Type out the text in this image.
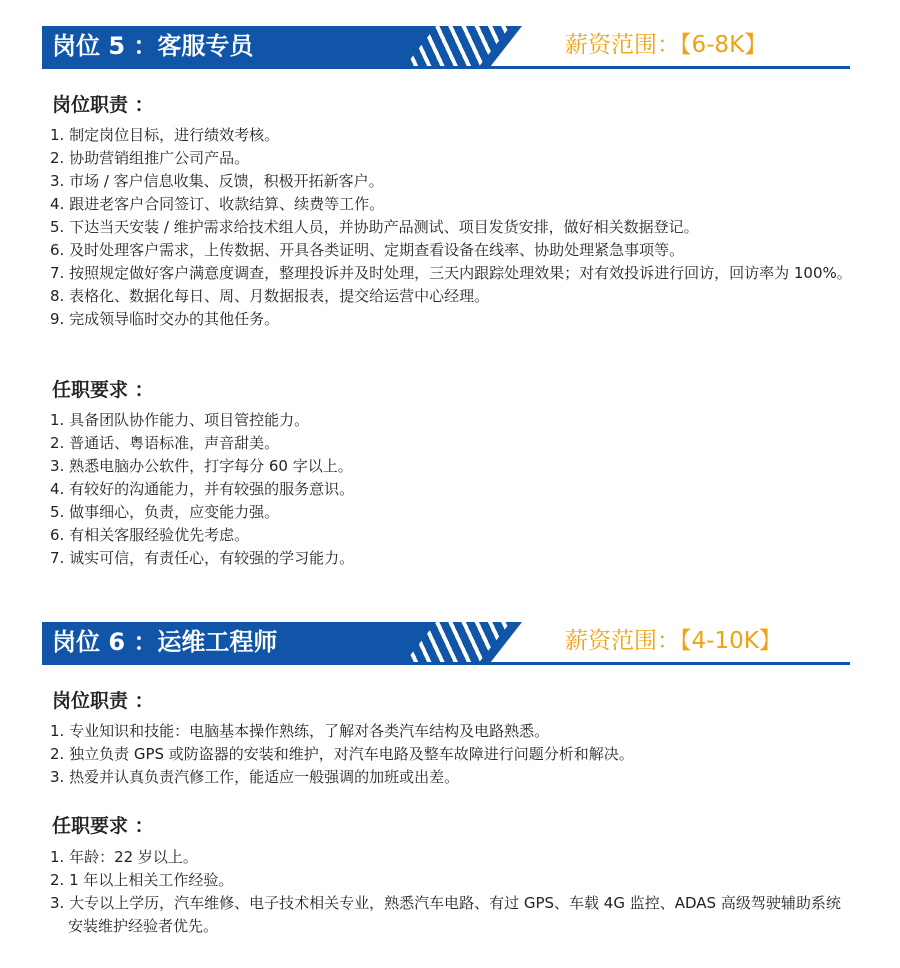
岗位 5 ：客服专员	薪资范围：【6-8K】
岗位职责 ：
1. 制定岗位目标，进行绩效考核。
2. 协助营销组推广公司产品。
3. 市场 / 客户信息收集、反馈，积极开拓新客户。
4. 跟进老客户合同签订、收款结算、续费等工作。
5. 下达当天安装 / 维护需求给技术组人员，并协助产品测试、项目发货安排，做好相关数据登记。
6. 及时处理客户需求，上传数据、开具各类证明、定期查看设备在线率、协助处理紧急事项等。
7. 按照规定做好客户满意度调查，整理投诉并及时处理，三天内跟踪处理效果；对有效投诉进行回访，回访率为 100%。
8. 表格化、数据化每日、周、月数据报表，提交给运营中心经理。
9. 完成领导临时交办的其他任务。
任职要求 ：
1. 具备团队协作能力、项目管控能力。
2. 普通话、粤语标准，声音甜美。
3. 熟悉电脑办公软件，打字每分 60 字以上。
4. 有较好的沟通能力，并有较强的服务意识。
5. 做事细心，负责，应变能力强。
6. 有相关客服经验优先考虑。
7. 诚实可信，有责任心，有较强的学习能力。
岗位 6 ：运维工程师	薪资范围：【4-10K】
岗位职责 ：
1. 专业知识和技能：电脑基本操作熟练，了解对各类汽车结构及电路熟悉。
2. 独立负责 GPS 或防盗器的安装和维护，对汽车电路及整车故障进行问题分析和解决。
3. 热爱并认真负责汽修工作，能适应一般强调的加班或出差。
任职要求 ：
1. 年龄：22 岁以上。
2. 1 年以上相关工作经验。
3. 大专以上学历，汽车维修、电子技术相关专业，熟悉汽车电路、有过 GPS、车载 4G 监控、ADAS 高级驾驶辅助系统安装维护经验者优先。
